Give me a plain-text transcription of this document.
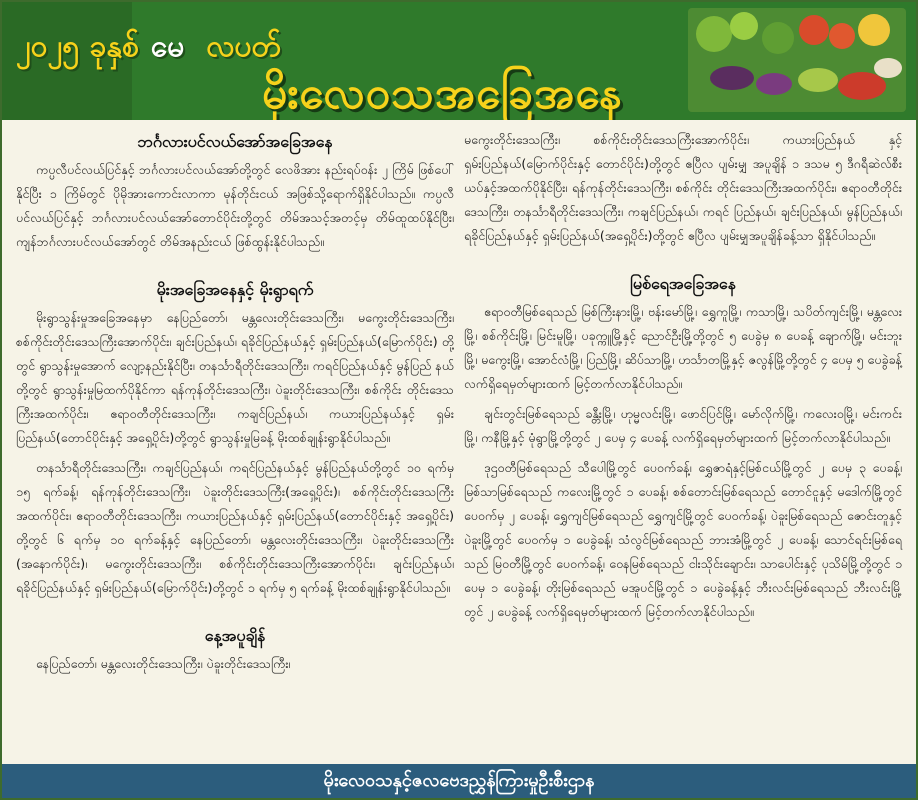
၂၀၂၅ ခုနှစ် မေ လပတ်
မိုးလေဝသအခြေအနေ
ဘင်္ဂလားပင်လယ်အော်အခြေအနေ

ကပ္ပလီပင်လယ်ပြင်နှင့် ဘင်္ဂလားပင်လယ်အော်တို့တွင် လေဖိအား နည်းရပ်ဝန်း ၂ ကြိမ် ဖြစ်ပေါ်နိုင်ပြီး ၁ ကြိမ်တွင် ပိုမိုအားကောင်းလာကာ မုန်တိုင်းငယ် အဖြစ်သို့ရောက်ရှိနိုင်ပါသည်။ ကပ္ပလီပင်လယ်ပြင်နှင့် ဘင်္ဂလားပင်လယ်အော်တောင်ပိုင်းတို့တွင် တိမ်အသင့်အတင့်မှ တိမ်ထူထပ်နိုင်ပြီး၊ ကျန်ဘင်္ဂလားပင်လယ်အော်တွင် တိမ်အနည်းငယ် ဖြစ်ထွန်းနိုင်ပါသည်။

မိုးအခြေအနေနှင့် မိုးရွာရက်

မိုးရွာသွန်းမှုအခြေအနေမှာ နေပြည်တော်၊ မန္တလေးတိုင်းဒေသကြီး၊ မကွေးတိုင်းဒေသကြီး၊ စစ်ကိုင်းတိုင်းဒေသကြီးအောက်ပိုင်း၊ ချင်းပြည်နယ်၊ ရခိုင်ပြည်နယ်နှင့် ရှမ်းပြည်နယ်(မြောက်ပိုင်း) တို့တွင် ရွာသွန်းမှုအောက် လျော့နည်းနိုင်ပြီး၊ တနင်္သာရီတိုင်းဒေသကြီး၊ ကရင်ပြည်နယ်နှင့် မွန်ပြည် နယ်တို့တွင် ရွာသွန်းမှုမြထက်ပိုနိုင်ကာ ရန်ကုန်တိုင်းဒေသကြီး၊ ပဲခူးတိုင်းဒေသကြီး၊ စစ်ကိုင်း တိုင်းဒေသကြီးအထက်ပိုင်း၊ ဧရာဝတီတိုင်းဒေသကြီး၊ ကချင်ပြည်နယ်၊ ကယားပြည်နယ်နှင့် ရှမ်း ပြည်နယ်(တောင်ပိုင်းနှင့် အရှေ့ပိုင်း)တို့တွင် ရွာသွန်းမှုမြခန့် မိုးထစ်ချုန်းရွာနိုင်ပါသည်။

တနင်္သာရီတိုင်းဒေသကြီး၊ ကချင်ပြည်နယ်၊ ကရင်ပြည်နယ်နှင့် မွန်ပြည်နယ်တို့တွင် ၁၀ ရက်မှ ၁၅ ရက်ခန့်၊ ရန်ကုန်တိုင်းဒေသကြီး၊ ပဲခူးတိုင်းဒေသကြီး(အရှေ့ပိုင်း)၊ စစ်ကိုင်းတိုင်းဒေသကြီး အထက်ပိုင်း၊ ဧရာဝတီတိုင်းဒေသကြီး၊ ကယားပြည်နယ်နှင့် ရှမ်းပြည်နယ်(တောင်ပိုင်းနှင့် အရှေ့ပိုင်း) တို့တွင် ၆ ရက်မှ ၁၀ ရက်ခန့်နှင့် နေပြည်တော်၊ မန္တလေးတိုင်းဒေသကြီး၊ ပဲခူးတိုင်းဒေသကြီး (အနောက်ပိုင်း)၊ မကွေးတိုင်းဒေသကြီး၊ စစ်ကိုင်းတိုင်းဒေသကြီးအောက်ပိုင်း၊ ချင်းပြည်နယ်၊ ရခိုင်ပြည်နယ်နှင့် ရှမ်းပြည်နယ်(မြောက်ပိုင်း)တို့တွင် ၁ ရက်မှ ၅ ရက်ခန့် မိုးထစ်ချုန်းရွာနိုင်ပါသည်။

နေ့အပူချိန်

နေပြည်တော်၊ မန္တလေးတိုင်းဒေသကြီး၊ ပဲခူးတိုင်းဒေသကြီး၊

မကွေးတိုင်းဒေသကြီး၊ စစ်ကိုင်းတိုင်းဒေသကြီးအောက်ပိုင်း၊ ကယားပြည်နယ် နှင့် ရှမ်းပြည်နယ်(မြောက်ပိုင်းနှင့် တောင်ပိုင်း)တို့တွင် ဧပြီလ ပျမ်းမျှ အပူချိန် ၁ ဒသမ ၅ ဒီဂရီဆဲလ်စီးယပ်နှင့်အထက်ပိုနိုင်ပြီး၊ ရန်ကုန်တိုင်းဒေသကြီး၊ စစ်ကိုင်း တိုင်းဒေသကြီးအထက်ပိုင်း၊ ဧရာဝတီတိုင်းဒေသကြီး၊ တနင်္သာရီတိုင်းဒေသကြီး၊ ကချင်ပြည်နယ်၊ ကရင် ပြည်နယ်၊ ချင်းပြည်နယ်၊ မွန်ပြည်နယ်၊ ရခိုင်ပြည်နယ်နှင့် ရှမ်းပြည်နယ်(အရှေ့ပိုင်း)တို့တွင် ဧပြီလ ပျမ်းမျှအပူချိန်ခန့်သာ ရှိနိုင်ပါသည်။

မြစ်ရေအခြေအနေ

ဧရာဝတီမြစ်ရေသည် မြစ်ကြီးနားမြို့၊ ဗန်းမော်မြို့၊ ရွှေကူမြို့၊ ကသာမြို့၊ သပိတ်ကျင်းမြို့၊ မန္တလေးမြို့၊ စစ်ကိုင်းမြို့၊ မြင်းမူမြို့၊ ပခုက္ကူမြို့နှင့် ညောင်ဦးမြို့တို့တွင် ၅ ပေခွဲမှ ၈ ပေခန့် ချောက်မြို့၊ မင်းဘူးမြို့၊ မကွေးမြို့၊ အောင်လံမြို့၊ ပြည်မြို့၊ ဆိပ်သာမြို့၊ ဟင်္သာတမြို့နှင့် ဇလွန်မြို့တို့တွင် ၄ ပေမှ ၅ ပေခွဲခန့် လက်ရှိရေမှတ်များထက် မြင့်တက်လာနိုင်ပါသည်။

ချင်းတွင်းမြစ်ရေသည် ခန္တီးမြို့၊ ဟုမ္မလင်းမြို့၊ ဖောင်ပြင်မြို့၊ မော်လိုက်မြို့၊ ကလေးဝမြို့၊ မင်းကင်းမြို့၊ ကနီမြို့နှင့် မုံရွာမြို့တို့တွင် ၂ ပေမှ ၄ ပေခန့် လက်ရှိရေမှတ်များထက် မြင့်တက်လာနိုင်ပါသည်။

ဒုဌဝတီမြစ်ရေသည် သီပေါမြို့တွင် ပေဝက်ခန့်၊ ရွှေဇာရံနှင့်မြစ်ငယ်မြို့တွင် ၂ ပေမှ ၃ ပေခန့်၊ မြစ်သာမြစ်ရေသည် ကလေးမြို့တွင် ၁ ပေခန့်၊ စစ်တောင်းမြစ်ရေသည် တောင်ငူနှင့် မဒေါက်မြို့တွင် ပေဝက်မှ ၂ ပေခန့်၊ ရွှေကျင်မြစ်ရေသည် ရွှေကျင်မြို့တွင် ပေဝက်ခန့်၊ ပဲခူးမြစ်ရေသည် ဇောင်းတူနှင့် ပဲခူးမြို့တွင် ပေဝက်မှ ၁ ပေခွဲခန့်၊ သံလွင်မြစ်ရေသည် ဘားအံမြို့တွင် ၂ ပေခန့်၊ သောင်ရင်းမြစ်ရေသည် မြဝတီမြို့တွင် ပေဝက်ခန့်၊ ဝေနမြစ်ရေသည် ငါးသိုင်းချောင်း၊ သာပေါင်းနှင့် ပုသိမ်မြို့တို့တွင် ၁ ပေမှ ၁ ပေခွဲခန့်၊ တိုးမြစ်ရေသည် မအူပင်မြို့တွင် ၁ ပေခွဲခန့်နှင့် ဘီးလင်းမြစ်ရေသည် ဘီးလင်းမြို့တွင် ၂ ပေခွဲခန့် လက်ရှိရေမှတ်များထက် မြင့်တက်လာနိုင်ပါသည်။

မိုးလေဝသနှင့်ဇလဗေဒညွှန်ကြားမှုဦးစီးဌာန
